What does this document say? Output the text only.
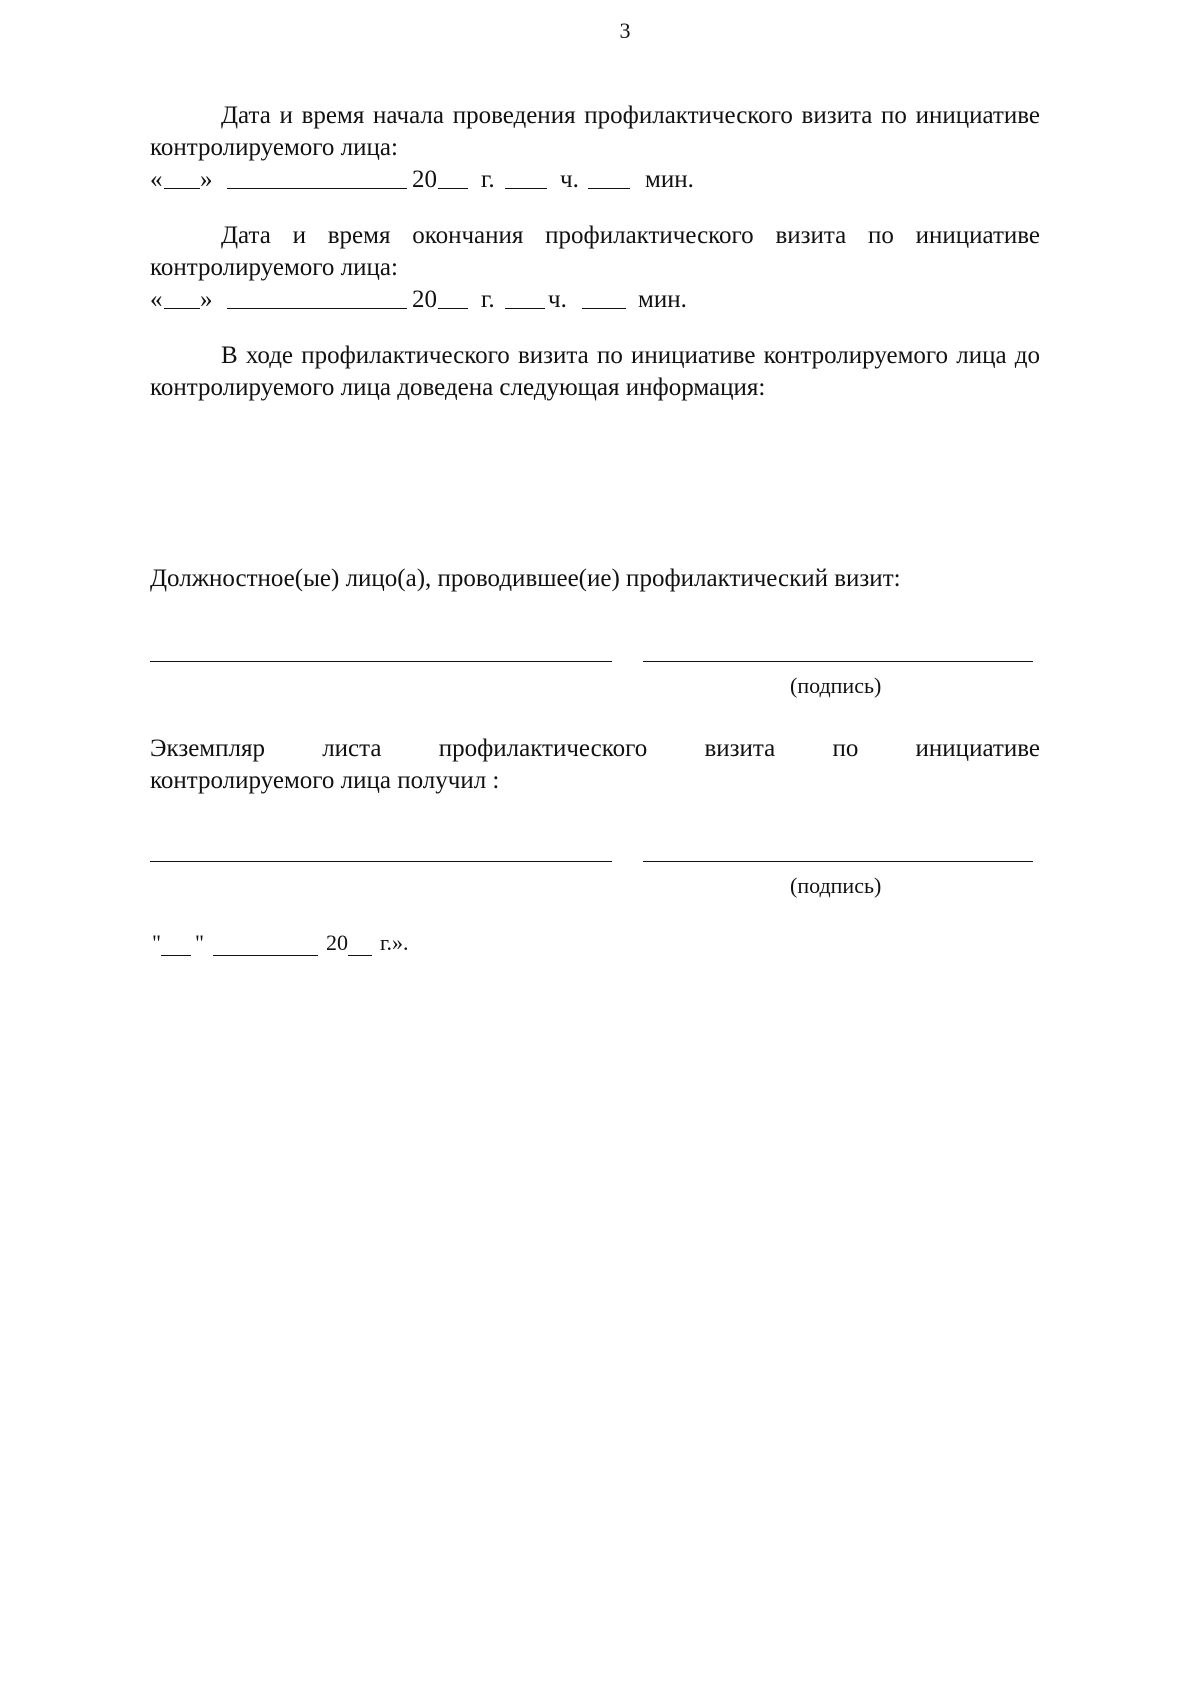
3

Дата и время начала проведения профилактического визита по инициативе контролируемого лица:

« »	20 г.	ч.	мин.

Дата и время окончания профилактического визита по инициативе контролируемого лица:

« »	20 г. ч.	мин.

В ходе профилактического визита по инициативе контролируемого лица до контролируемого лица доведена следующая информация:

Должностное(ые) лицо(а), проводившее(ие) профилактический визит:

(подпись)
Экземпляр листа профилактического визита по инициативе

контролируемого лица получил :

(подпись)
" "	20 г.».
